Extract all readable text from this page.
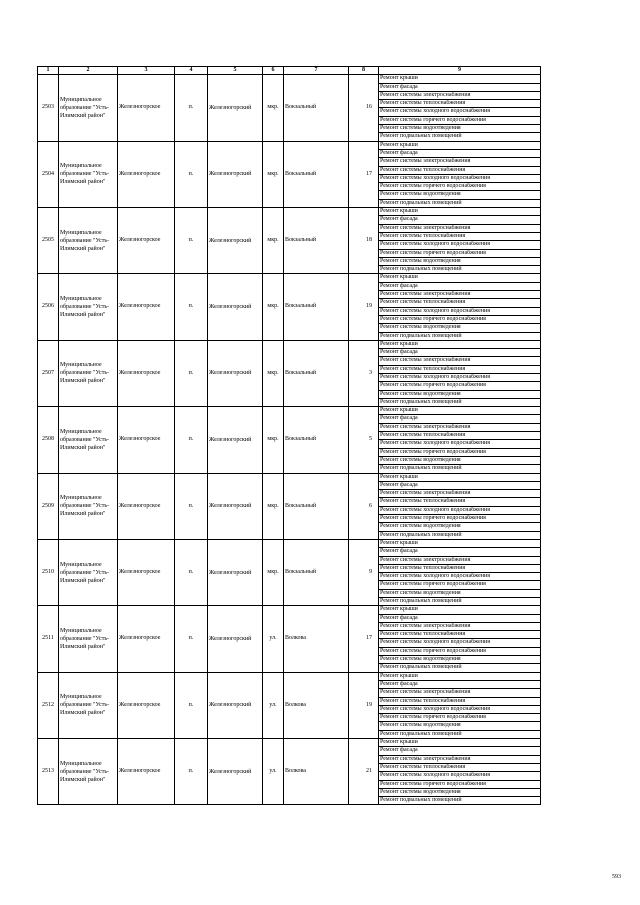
1	2	3	4	5	6	7	8	9
2503	Муниципальное образование "Усть-Илимский район"	Железногорское	п.	Железногорский	мкр.	Вокзальный	16	Ремонт крыши
								Ремонт фасада
								Ремонт системы электроснабжения
								Ремонт системы теплоснабжения
								Ремонт системы холодного водоснабжения
								Ремонт системы горячего водоснабжения
								Ремонт системы водоотведения
								Ремонт подвальных помещений
2504	Муниципальное образование "Усть-Илимский район"	Железногорское	п.	Железногорский	мкр.	Вокзальный	17	Ремонт крыши
								Ремонт фасада
								Ремонт системы электроснабжения
								Ремонт системы теплоснабжения
								Ремонт системы холодного водоснабжения
								Ремонт системы горячего водоснабжения
								Ремонт системы водоотведения
								Ремонт подвальных помещений
2505	Муниципальное образование "Усть-Илимский район"	Железногорское	п.	Железногорский	мкр.	Вокзальный	18	Ремонт крыши
								Ремонт фасада
								Ремонт системы электроснабжения
								Ремонт системы теплоснабжения
								Ремонт системы холодного водоснабжения
								Ремонт системы горячего водоснабжения
								Ремонт системы водоотведения
								Ремонт подвальных помещений
2506	Муниципальное образование "Усть-Илимский район"	Железногорское	п.	Железногорский	мкр.	Вокзальный	19	Ремонт крыши
								Ремонт фасада
								Ремонт системы электроснабжения
								Ремонт системы теплоснабжения
								Ремонт системы холодного водоснабжения
								Ремонт системы горячего водоснабжения
								Ремонт системы водоотведения
								Ремонт подвальных помещений
2507	Муниципальное образование "Усть-Илимский район"	Железногорское	п.	Железногорский	мкр.	Вокзальный	3	Ремонт крыши
								Ремонт фасада
								Ремонт системы электроснабжения
								Ремонт системы теплоснабжения
								Ремонт системы холодного водоснабжения
								Ремонт системы горячего водоснабжения
								Ремонт системы водоотведения
								Ремонт подвальных помещений
2508	Муниципальное образование "Усть-Илимский район"	Железногорское	п.	Железногорский	мкр.	Вокзальный	5	Ремонт крыши
								Ремонт фасада
								Ремонт системы электроснабжения
								Ремонт системы теплоснабжения
								Ремонт системы холодного водоснабжения
								Ремонт системы горячего водоснабжения
								Ремонт системы водоотведения
								Ремонт подвальных помещений
2509	Муниципальное образование "Усть-Илимский район"	Железногорское	п.	Железногорский	мкр.	Вокзальный	6	Ремонт крыши
								Ремонт фасада
								Ремонт системы электроснабжения
								Ремонт системы теплоснабжения
								Ремонт системы холодного водоснабжения
								Ремонт системы горячего водоснабжения
								Ремонт системы водоотведения
								Ремонт подвальных помещений
2510	Муниципальное образование "Усть-Илимский район"	Железногорское	п.	Железногорский	мкр.	Вокзальный	9	Ремонт крыши
								Ремонт фасада
								Ремонт системы электроснабжения
								Ремонт системы теплоснабжения
								Ремонт системы холодного водоснабжения
								Ремонт системы горячего водоснабжения
								Ремонт системы водоотведения
								Ремонт подвальных помещений
2511	Муниципальное образование "Усть-Илимский район"	Железногорское	п.	Железногорский	ул.	Волкова	17	Ремонт крыши
								Ремонт фасада
								Ремонт системы электроснабжения
								Ремонт системы теплоснабжения
								Ремонт системы холодного водоснабжения
								Ремонт системы горячего водоснабжения
								Ремонт системы водоотведения
								Ремонт подвальных помещений
2512	Муниципальное образование "Усть-Илимский район"	Железногорское	п.	Железногорский	ул.	Волкова	19	Ремонт крыши
								Ремонт фасада
								Ремонт системы электроснабжения
								Ремонт системы теплоснабжения
								Ремонт системы холодного водоснабжения
								Ремонт системы горячего водоснабжения
								Ремонт системы водоотведения
								Ремонт подвальных помещений
2513	Муниципальное образование "Усть-Илимский район"	Железногорское	п.	Железногорский	ул.	Волкова	21	Ремонт крыши
								Ремонт фасада
								Ремонт системы электроснабжения
								Ремонт системы теплоснабжения
								Ремонт системы холодного водоснабжения
								Ремонт системы горячего водоснабжения
								Ремонт системы водоотведения
								Ремонт подвальных помещений
593
